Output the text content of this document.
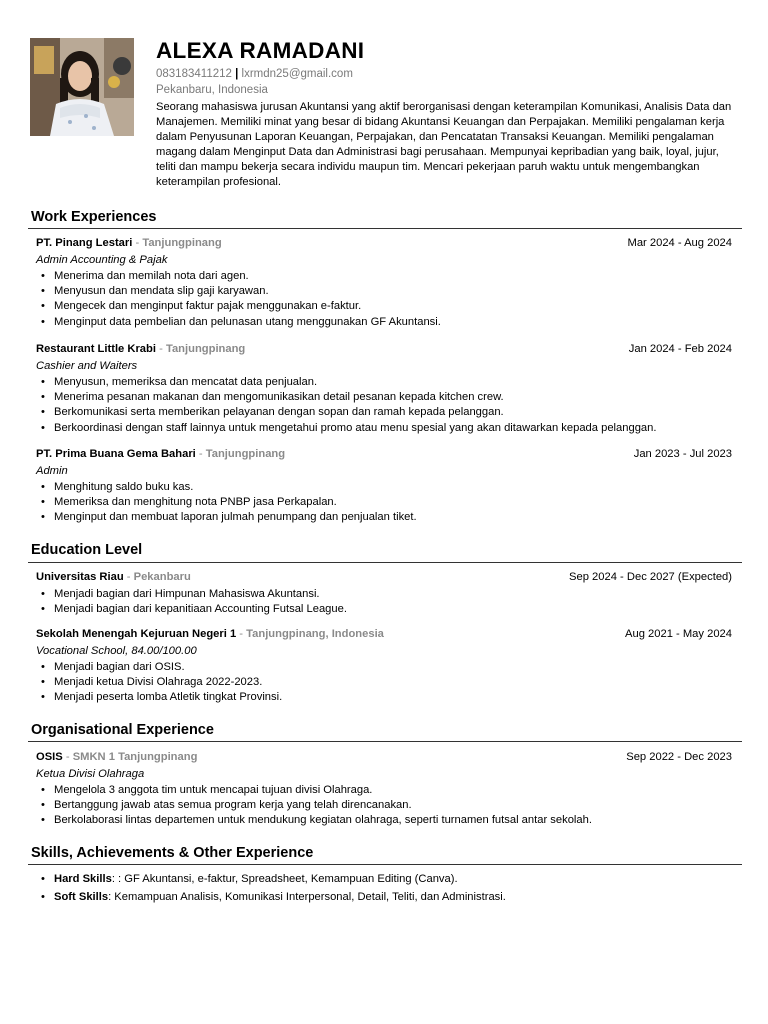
ALEXA RAMADANI
083183411212 | lxrmdn25@gmail.com
Pekanbaru, Indonesia
Seorang mahasiswa jurusan Akuntansi yang aktif berorganisasi dengan keterampilan Komunikasi, Analisis Data dan Manajemen. Memiliki minat yang besar di bidang Akuntansi Keuangan dan Perpajakan. Memiliki pengalaman kerja dalam Penyusunan Laporan Keuangan, Perpajakan, dan Pencatatan Transaksi Keuangan. Memiliki pengalaman magang dalam Menginput Data dan Administrasi bagi perusahaan. Mempunyai kepribadian yang baik, loyal, jujur, teliti dan mampu bekerja secara individu maupun tim. Mencari pekerjaan paruh waktu untuk mengembangkan keterampilan profesional.
Work Experiences
PT. Pinang Lestari - Tanjungpinang	Mar 2024 - Aug 2024
Admin Accounting & Pajak
• Menerima dan memilah nota dari agen.
• Menyusun dan mendata slip gaji karyawan.
• Mengecek dan menginput faktur pajak menggunakan e-faktur.
• Menginput data pembelian dan pelunasan utang menggunakan GF Akuntansi.
Restaurant Little Krabi - Tanjungpinang	Jan 2024 - Feb 2024
Cashier and Waiters
• Menyusun, memeriksa dan mencatat data penjualan.
• Menerima pesanan makanan dan mengomunikasikan detail pesanan kepada kitchen crew.
• Berkomunikasi serta memberikan pelayanan dengan sopan dan ramah kepada pelanggan.
• Berkoordinasi dengan staff lainnya untuk mengetahui promo atau menu spesial yang akan ditawarkan kepada pelanggan.
PT. Prima Buana Gema Bahari - Tanjungpinang	Jan 2023 - Jul 2023
Admin
• Menghitung saldo buku kas.
• Memeriksa dan menghitung nota PNBP jasa Perkapalan.
• Menginput dan membuat laporan julmah penumpang dan penjualan tiket.
Education Level
Universitas Riau - Pekanbaru	Sep 2024 - Dec 2027 (Expected)
• Menjadi bagian dari Himpunan Mahasiswa Akuntansi.
• Menjadi bagian dari kepanitiaan Accounting Futsal League.
Sekolah Menengah Kejuruan Negeri 1 - Tanjungpinang, Indonesia	Aug 2021 - May 2024
Vocational School, 84.00/100.00
• Menjadi bagian dari OSIS.
• Menjadi ketua Divisi Olahraga 2022-2023.
• Menjadi peserta lomba Atletik tingkat Provinsi.
Organisational Experience
OSIS - SMKN 1 Tanjungpinang	Sep 2022 - Dec 2023
Ketua Divisi Olahraga
• Mengelola 3 anggota tim untuk mencapai tujuan divisi Olahraga.
• Bertanggung jawab atas semua program kerja yang telah direncanakan.
• Berkolaborasi lintas departemen untuk mendukung kegiatan olahraga, seperti turnamen futsal antar sekolah.
Skills, Achievements & Other Experience
• Hard Skills: : GF Akuntansi, e-faktur, Spreadsheet, Kemampuan Editing (Canva).
• Soft Skills: Kemampuan Analisis, Komunikasi Interpersonal, Detail, Teliti, dan Administrasi.
